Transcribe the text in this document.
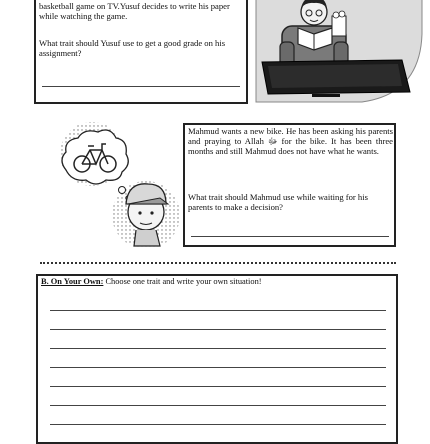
basketball game on TV.Yusuf decides to write his paper while watching the game.
What trait should Yusuf use to get a good grade on his assignment?
Mahmud wants a new bike. He has been asking his parents and praying to Allah ﷻ for the bike. It has been three months and still Mahmud does not have what he wants.
What trait should Mahmud use while waiting for his parents to make a decision?
B. On Your Own: Choose one trait and write your own situation!
